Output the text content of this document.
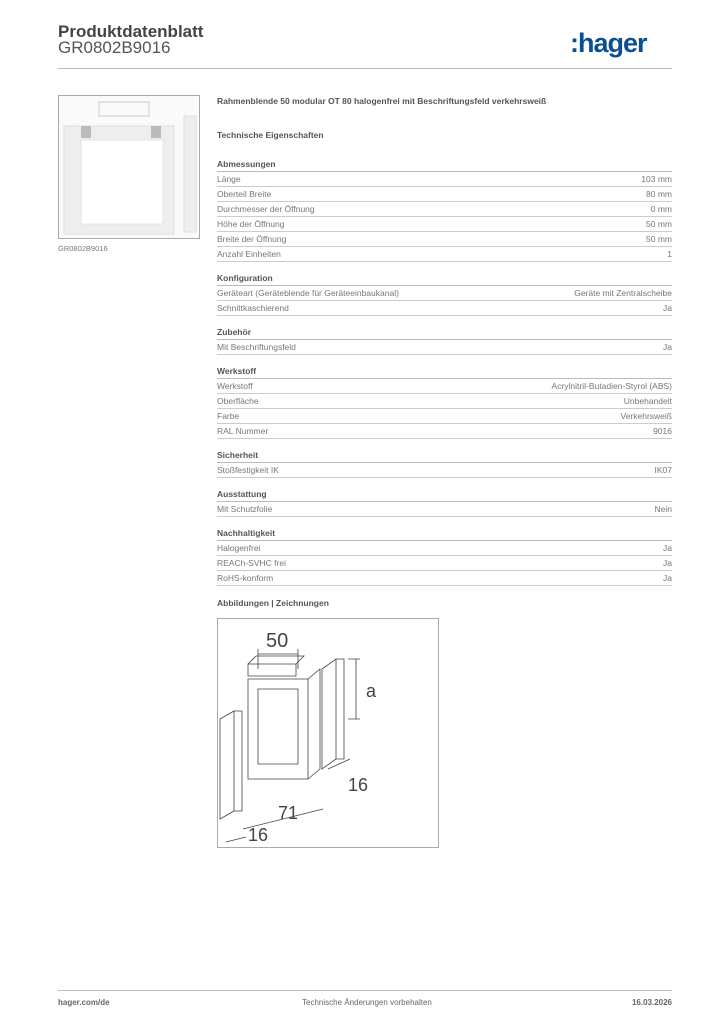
Produktdatenblatt
GR0802B9016	:hager
GR0802B9016
Rahmenblende 50 modular OT 80 halogenfrei mit Beschriftungsfeld verkehrsweiß
Technische Eigenschaften
Abmessungen
Länge	103 mm
Oberteil Breite	80 mm
Durchmesser der Öffnung	0 mm
Höhe der Öffnung	50 mm
Breite der Öffnung	50 mm
Anzahl Einheiten	1
Konfiguration
Geräteart (Geräteblende für Geräteeinbaukanal)	Geräte mit Zentralscheibe
Schnittkaschierend	Ja
Zubehör
Mit Beschriftungsfeld	Ja
Werkstoff
Werkstoff	Acrylnitril-Butadien-Styrol (ABS)
Oberfläche	Unbehandelt
Farbe	Verkehrsweiß
RAL Nummer	9016
Sicherheit
Stoßfestigkeit IK	IK07
Ausstattung
Mit Schutzfolie	Nein
Nachhaltigkeit
Halogenfrei	Ja
REACh-SVHC frei	Ja
RoHS-konform	Ja
Abbildungen | Zeichnungen
50
a
16
71
16
hager.com/de	Technische Änderungen vorbehalten	16.03.2026
